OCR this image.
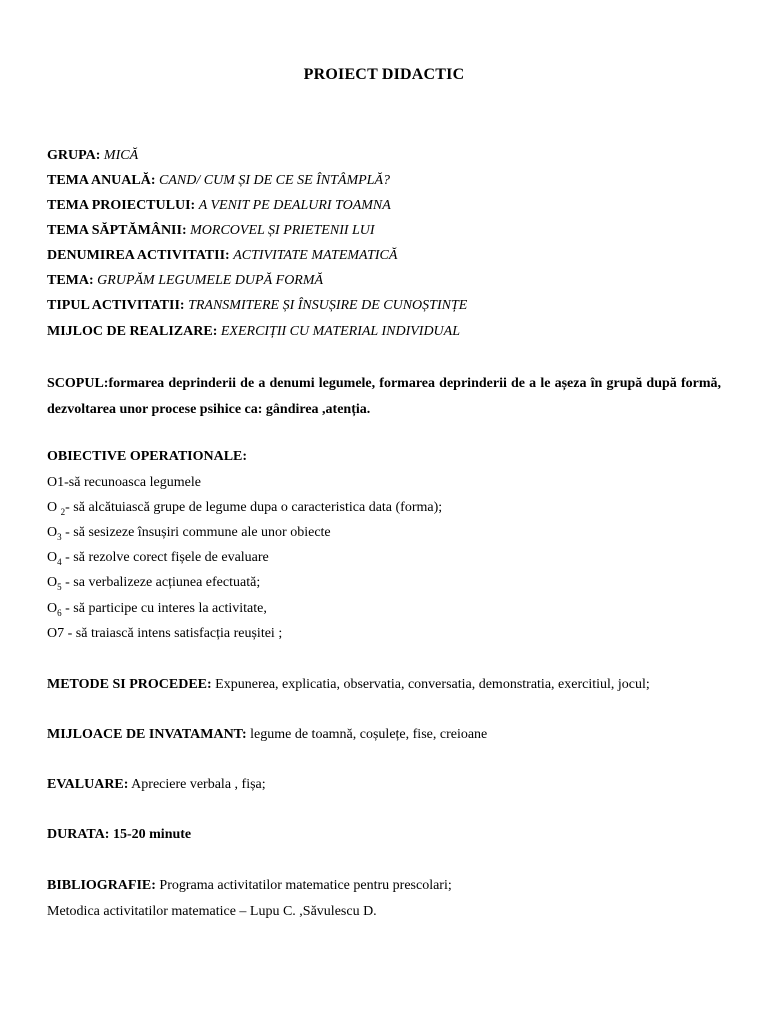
PROIECT DIDACTIC
GRUPA: MICĂ
TEMA ANUALĂ: CAND/ CUM ȘI DE CE SE ÎNTÂMPLĂ?
TEMA PROIECTULUI: A VENIT PE DEALURI TOAMNA
TEMA SĂPTĂMÂNII: MORCOVEL ȘI PRIETENII LUI
DENUMIREA ACTIVITATII: ACTIVITATE MATEMATICĂ
TEMA: GRUPĂM LEGUMELE DUPĂ FORMĂ
TIPUL ACTIVITATII: TRANSMITERE ȘI ÎNSUȘIRE DE CUNOȘTINȚE
MIJLOC DE REALIZARE: EXERCIȚII CU MATERIAL INDIVIDUAL
SCOPUL:formarea deprinderii de a denumi legumele, formarea deprinderii de a le așeza în grupă după formă, dezvoltarea unor procese psihice ca: gândirea ,atenția.
OBIECTIVE OPERATIONALE:
O1-să recunoasca legumele
O $_2$- să alcătuiască grupe de legume dupa o caracteristica data (forma);
$O_3$ - să sesizeze însușiri commune ale unor obiecte
$O_4$ - să rezolve corect fișele de evaluare
$O_5$ - sa verbalizeze acțiunea efectuată;
$O_6$ - să participe cu interes la activitate,
O7 - să traiască intens satisfacția reușitei ;
METODE SI PROCEDEE: Expunerea, explicatia, observatia, conversatia, demonstratia, exercitiul, jocul;
MIJLOACE DE INVATAMANT: legume de toamnă, coșulețe, fise, creioane
EVALUARE: Apreciere verbala , fișa;
DURATA: 15-20 minute
BIBLIOGRAFIE: Programa activitatilor matematice pentru prescolari;
Metodica activitatilor matematice – Lupu C. ,Săvulescu D.
